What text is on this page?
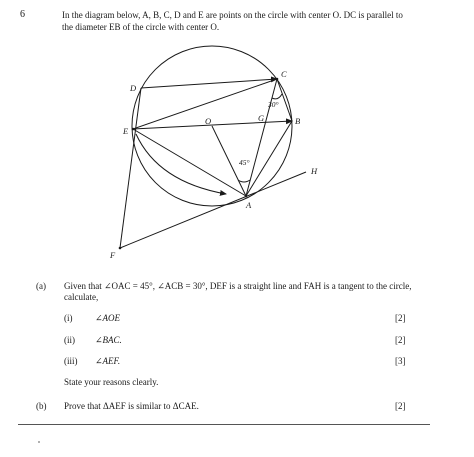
6	In the diagram below, A, B, C, D and E are points on the circle with center O. DC is parallel to
the diameter EB of the circle with center O.
C
D
E
O	G	B
H
A
F
30°
45°
(a) Given that ∠OAC = 45°, ∠ACB = 30°, DEF is a straight line and FAH is a tangent to the circle,
calculate,
(i)	∠AOE	[2]
(ii) ∠BAC.	[2]
(iii) ∠AEF.	[3]
State your reasons clearly.
(b) Prove that ΔAEF is similar to ΔCAE.	[2]
